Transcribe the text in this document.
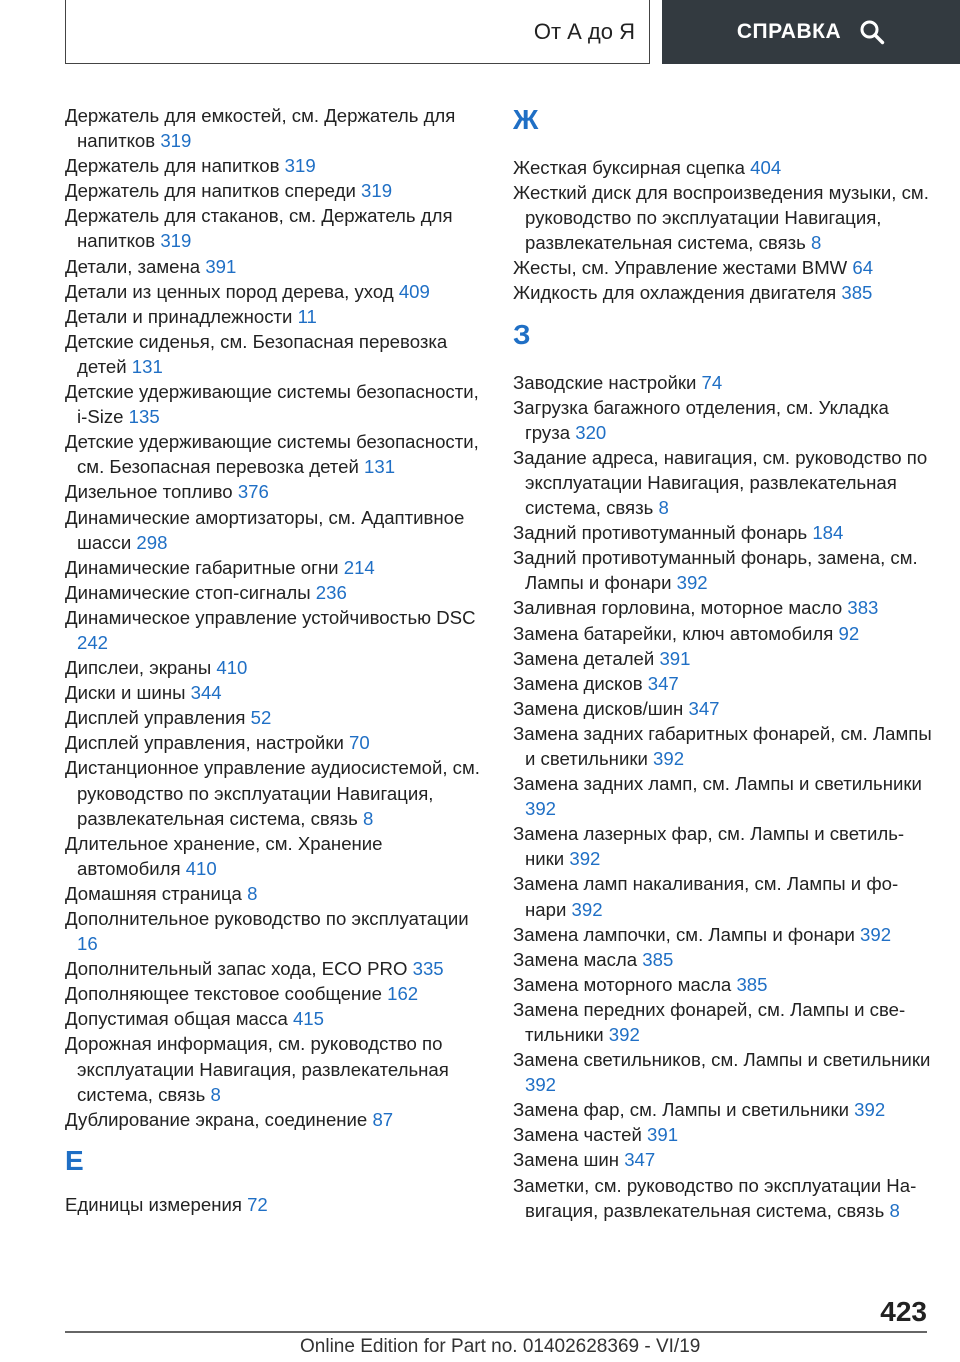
От А до Я	СПРАВКА
Держатель для емкостей, см. Держатель для напитков 319
Держатель для напитков 319
Держатель для напитков спереди 319
Держатель для стаканов, см. Держатель для напитков 319
Детали, замена 391
Детали из ценных пород дерева, уход 409
Детали и принадлежности 11
Детские сиденья, см. Безопасная перевозка детей 131
Детские удерживающие системы безопасности, i-Size 135
Детские удерживающие системы безопасности, см. Безопасная перевозка детей 131
Дизельное топливо 376
Динамические амортизаторы, см. Адаптивное шасси 298
Динамические габаритные огни 214
Динамические стоп-сигналы 236
Динамическое управление устойчивостью DSC 242
Дипслеи, экраны 410
Диски и шины 344
Дисплей управления 52
Дисплей управления, настройки 70
Дистанционное управление аудиосистемой, см. руководство по эксплуатации Навигация, развлекательная система, связь 8
Длительное хранение, см. Хранение автомобиля 410
Домашняя страница 8
Дополнительное руководство по эксплуатации 16
Дополнительный запас хода, ECO PRO 335
Дополняющее текстовое сообщение 162
Допустимая общая масса 415
Дорожная информация, см. руководство по эксплуатации Навигация, развлекательная система, связь 8
Дублирование экрана, соединение 87
Е
Единицы измерения 72
Ж
Жесткая буксирная сцепка 404
Жесткий диск для воспроизведения музыки, см. руководство по эксплуатации Навигация, развлекательная система, связь 8
Жесты, см. Управление жестами BMW 64
Жидкость для охлаждения двигателя 385
З
Заводские настройки 74
Загрузка багажного отделения, см. Укладка груза 320
Задание адреса, навигация, см. руководство по эксплуатации Навигация, развлекательная система, связь 8
Задний противотуманный фонарь 184
Задний противотуманный фонарь, замена, см. Лампы и фонари 392
Заливная горловина, моторное масло 383
Замена батарейки, ключ автомобиля 92
Замена деталей 391
Замена дисков 347
Замена дисков/шин 347
Замена задних габаритных фонарей, см. Лампы и светильники 392
Замена задних ламп, см. Лампы и светильники 392
Замена лазерных фар, см. Лампы и светильники 392
Замена ламп накаливания, см. Лампы и фонари 392
Замена лампочки, см. Лампы и фонари 392
Замена масла 385
Замена моторного масла 385
Замена передних фонарей, см. Лампы и светильники 392
Замена светильников, см. Лампы и светильники 392
Замена фар, см. Лампы и светильники 392
Замена частей 391
Замена шин 347
Заметки, см. руководство по эксплуатации Навигация, развлекательная система, связь 8
423
Online Edition for Part no. 01402628369 - VI/19
